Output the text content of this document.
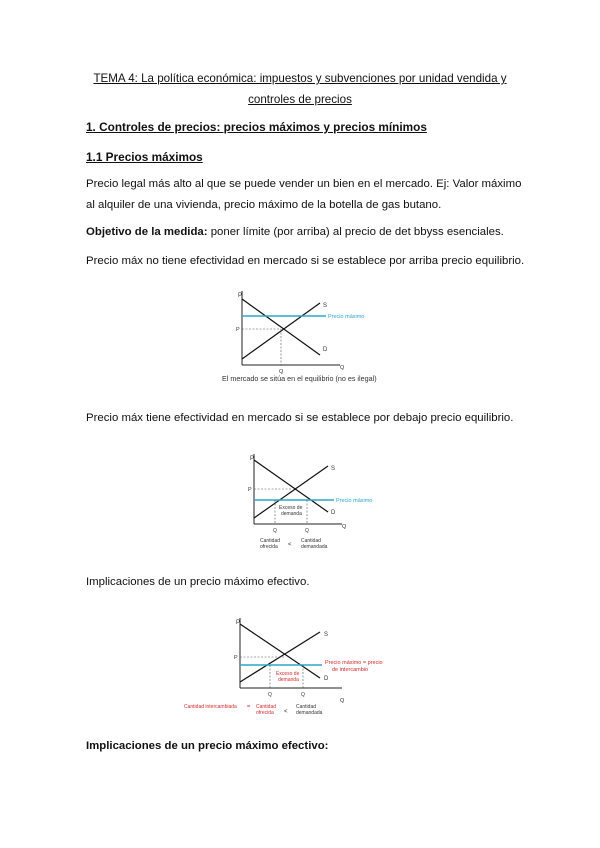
TEMA 4: La política económica: impuestos y subvenciones por unidad vendida y
controles de precios
1. Controles de precios: precios máximos y precios mínimos
1.1 Precios máximos
Precio legal más alto al que se puede vender un bien en el mercado. Ej: Valor máximo
al alquiler de una vivienda, precio máximo de la botella de gas butano.
Objetivo de la medida: poner límite (por arriba) al precio de det bbyss esenciales.
Precio máx no tiene efectividad en mercado si se establece por arriba precio equilibrio.
P
S
D
P
Q
Q
Precio máximo
El mercado se sitúa en el equilibrio (no es ilegal)
Precio máx tiene efectividad en mercado si se establece por debajo precio equilibrio.
P
S
D
P
Precio máximo
Exceso de
demanda
Q	Q
Q
Cantidad
ofrecida <
Cantidad
demandada
Implicaciones de un precio máximo efectivo.
P
S
D
P
Precio máximo = precio
de intercambio
Exceso de
demanda
Q	Q
Q
Cantidad intercambiada = Cantidad
ofrecida <
Cantidad
demandada
Implicaciones de un precio máximo efectivo:
